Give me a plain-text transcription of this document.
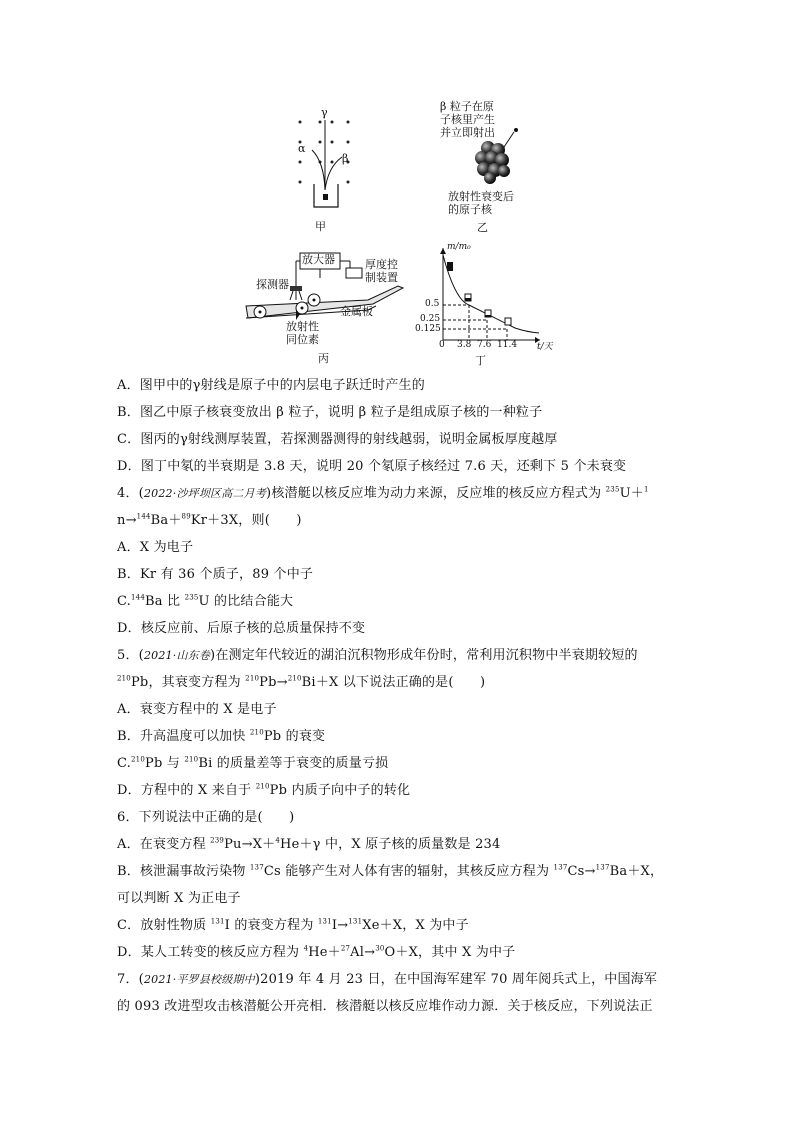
α
γ
β
甲
β 粒子在原
子核里产生
并立即射出
放射性衰变后
的原子核
乙
放大器
探测器
厚度控
制装置
金属板
放射性
同位素
丙
m/m₀
t/天
0
0.5
0.25
0.125
3.8 7.6 11.4
丁
A．图甲中的γ射线是原子中的内层电子跃迁时产生的
B．图乙中原子核衰变放出 β 粒子，说明 β 粒子是组成原子核的一种粒子
C．图丙的γ射线测厚装置，若探测器测得的射线越弱，说明金属板厚度越厚
D．图丁中氡的半衰期是 3.8 天，说明 20 个氡原子核经过 7.6 天，还剩下 5 个未衰变
4．(2022·沙坪坝区高二月考)核潜艇以核反应堆为动力来源，反应堆的核反应方程式为 $^{235}$U＋$^1$
n→$^{144}$Ba＋$^{89}$Kr＋3X，则(　　)
A．X 为电子
B．Kr 有 36 个质子，89 个中子
C.$^{144}$Ba 比 $^{235}$U 的比结合能大
D．核反应前、后原子核的总质量保持不变
5．(2021·山东卷)在测定年代较近的湖泊沉积物形成年份时，常利用沉积物中半衰期较短的
$^{210}$Pb，其衰变方程为 $^{210}$Pb→$^{210}$Bi＋X 以下说法正确的是(　　)
A．衰变方程中的 X 是电子
B．升高温度可以加快 $^{210}$Pb 的衰变
C.$^{210}$Pb 与 $^{210}$Bi 的质量差等于衰变的质量亏损
D．方程中的 X 来自于 $^{210}$Pb 内质子向中子的转化
6．下列说法中正确的是(　　)
A．在衰变方程 $^{239}$Pu→X＋$^4$He＋γ 中，X 原子核的质量数是 234
B．核泄漏事故污染物 $^{137}$Cs 能够产生对人体有害的辐射，其核反应方程为 $^{137}$Cs→$^{137}$Ba＋X，
可以判断 X 为正电子
C．放射性物质 $^{131}$I 的衰变方程为 $^{131}$I→$^{131}$Xe＋X，X 为中子
D．某人工转变的核反应方程为 $^4$He＋$^{27}$Al→$^{30}$O＋X，其中 X 为中子
7．(2021·平罗县校级期中)2019 年 4 月 23 日，在中国海军建军 70 周年阅兵式上，中国海军
的 093 改进型攻击核潜艇公开亮相．核潜艇以核反应堆作动力源．关于核反应，下列说法正
